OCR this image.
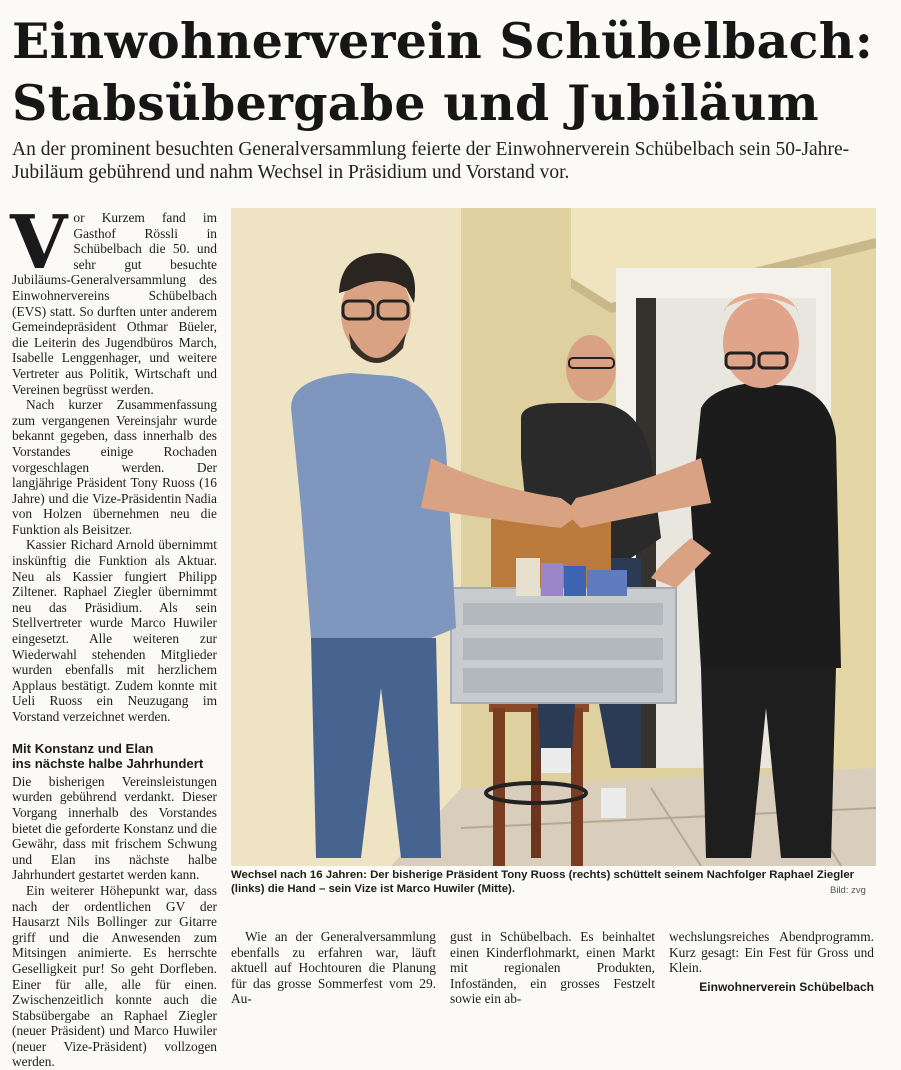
Einwohnerverein Schübelbach:
Stabsübergabe und Jubiläum
An der prominent besuchten Generalversammlung feierte der Einwohnerverein Schübelbach sein 50-Jahre-Jubiläum gebührend und nahm Wechsel in Präsidium und Vorstand vor.

Vor Kurzem fand im Gasthof Rössli in Schübelbach die 50. und sehr gut besuchte Jubiläums-Generalversammlung des Einwohnervereins Schübelbach (EVS) statt. So durften unter anderem Gemeindepräsident Othmar Büeler, die Leiterin des Jugendbüros March, Isabelle Lenggenhager, und weitere Vertreter aus Politik, Wirtschaft und Vereinen begrüsst werden.

Nach kurzer Zusammenfassung zum vergangenen Vereinsjahr wurde bekannt gegeben, dass innerhalb des Vorstandes einige Rochaden vorgeschlagen werden. Der langjährige Präsident Tony Ruoss (16 Jahre) und die Vize-Präsidentin Nadia von Holzen übernehmen neu die Funktion als Beisitzer.

Kassier Richard Arnold übernimmt inskünftig die Funktion als Aktuar. Neu als Kassier fungiert Philipp Ziltener. Raphael Ziegler übernimmt neu das Präsidium. Als sein Stellvertreter wurde Marco Huwiler eingesetzt. Alle weiteren zur Wiederwahl stehenden Mitglieder wurden ebenfalls mit herzlichem Applaus bestätigt. Zudem konnte mit Ueli Ruoss ein Neuzugang im Vorstand verzeichnet werden.

Mit Konstanz und Elan
ins nächste halbe Jahrhundert

Die bisherigen Vereinsleistungen wurden gebührend verdankt. Dieser Vorgang innerhalb des Vorstandes bietet die geforderte Konstanz und die Gewähr, dass mit frischem Schwung und Elan ins nächste halbe Jahrhundert gestartet werden kann.

Ein weiterer Höhepunkt war, dass nach der ordentlichen GV der Hausarzt Nils Bollinger zur Gitarre griff und die Anwesenden zum Mitsingen animierte. Es herrschte Geselligkeit pur! So geht Dorfleben. Einer für alle, alle für einen. Zwischenzeitlich konnte auch die Stabsübergabe an Raphael Ziegler (neuer Präsident) und Marco Huwiler (neuer Vize-Präsident) vollzogen werden.

Wechsel nach 16 Jahren: Der bisherige Präsident Tony Ruoss (rechts) schüttelt seinem Nachfolger Raphael Ziegler (links) die Hand – sein Vize ist Marco Huwiler (Mitte).	Bild: zvg

Wie an der Generalversammlung ebenfalls zu erfahren war, läuft aktuell auf Hochtouren die Planung für das grosse Sommerfest vom 29. Au-

gust in Schübelbach. Es beinhaltet einen Kinderflohmarkt, einen Markt mit regionalen Produkten, Infoständen, ein grosses Festzelt sowie ein ab-

wechslungsreiches Abendprogramm. Kurz gesagt: Ein Fest für Gross und Klein.

Einwohnerverein Schübelbach
